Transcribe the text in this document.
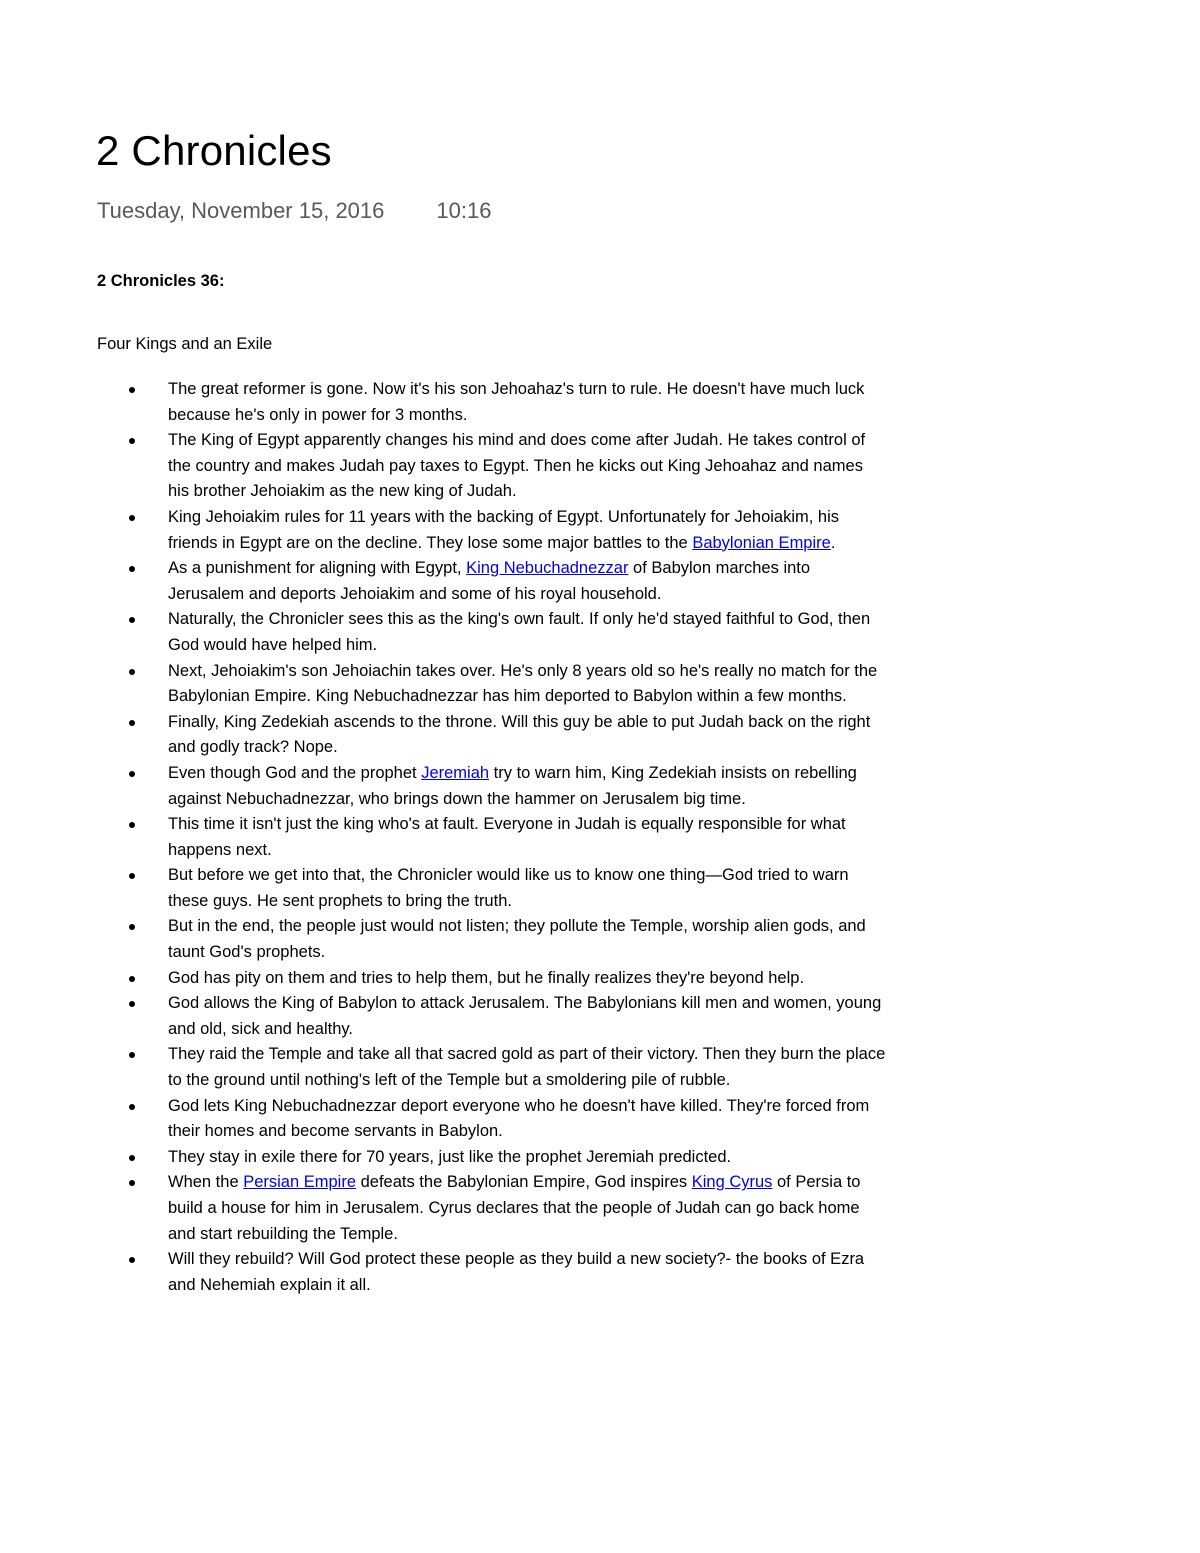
2 Chronicles
Tuesday, November 15, 2016 10:16

2 Chronicles 36:

Four Kings and an Exile

The great reformer is gone. Now it's his son Jehoahaz's turn to rule. He doesn't have much luck because he's only in power for 3 months.
The King of Egypt apparently changes his mind and does come after Judah. He takes control of the country and makes Judah pay taxes to Egypt. Then he kicks out King Jehoahaz and names his brother Jehoiakim as the new king of Judah.
King Jehoiakim rules for 11 years with the backing of Egypt. Unfortunately for Jehoiakim, his friends in Egypt are on the decline. They lose some major battles to the Babylonian Empire.
As a punishment for aligning with Egypt, King Nebuchadnezzar of Babylon marches into Jerusalem and deports Jehoiakim and some of his royal household.
Naturally, the Chronicler sees this as the king's own fault. If only he'd stayed faithful to God, then God would have helped him.
Next, Jehoiakim's son Jehoiachin takes over. He's only 8 years old so he's really no match for the Babylonian Empire. King Nebuchadnezzar has him deported to Babylon within a few months.
Finally, King Zedekiah ascends to the throne. Will this guy be able to put Judah back on the right and godly track? Nope.
Even though God and the prophet Jeremiah try to warn him, King Zedekiah insists on rebelling against Nebuchadnezzar, who brings down the hammer on Jerusalem big time.
This time it isn't just the king who's at fault. Everyone in Judah is equally responsible for what happens next.
But before we get into that, the Chronicler would like us to know one thing—God tried to warn these guys. He sent prophets to bring the truth.
But in the end, the people just would not listen; they pollute the Temple, worship alien gods, and taunt God's prophets.
God has pity on them and tries to help them, but he finally realizes they're beyond help.
God allows the King of Babylon to attack Jerusalem. The Babylonians kill men and women, young and old, sick and healthy.
They raid the Temple and take all that sacred gold as part of their victory. Then they burn the place to the ground until nothing's left of the Temple but a smoldering pile of rubble.
God lets King Nebuchadnezzar deport everyone who he doesn't have killed. They're forced from their homes and become servants in Babylon.
They stay in exile there for 70 years, just like the prophet Jeremiah predicted.
When the Persian Empire defeats the Babylonian Empire, God inspires King Cyrus of Persia to build a house for him in Jerusalem. Cyrus declares that the people of Judah can go back home and start rebuilding the Temple.
Will they rebuild? Will God protect these people as they build a new society?- the books of Ezra and Nehemiah explain it all.
